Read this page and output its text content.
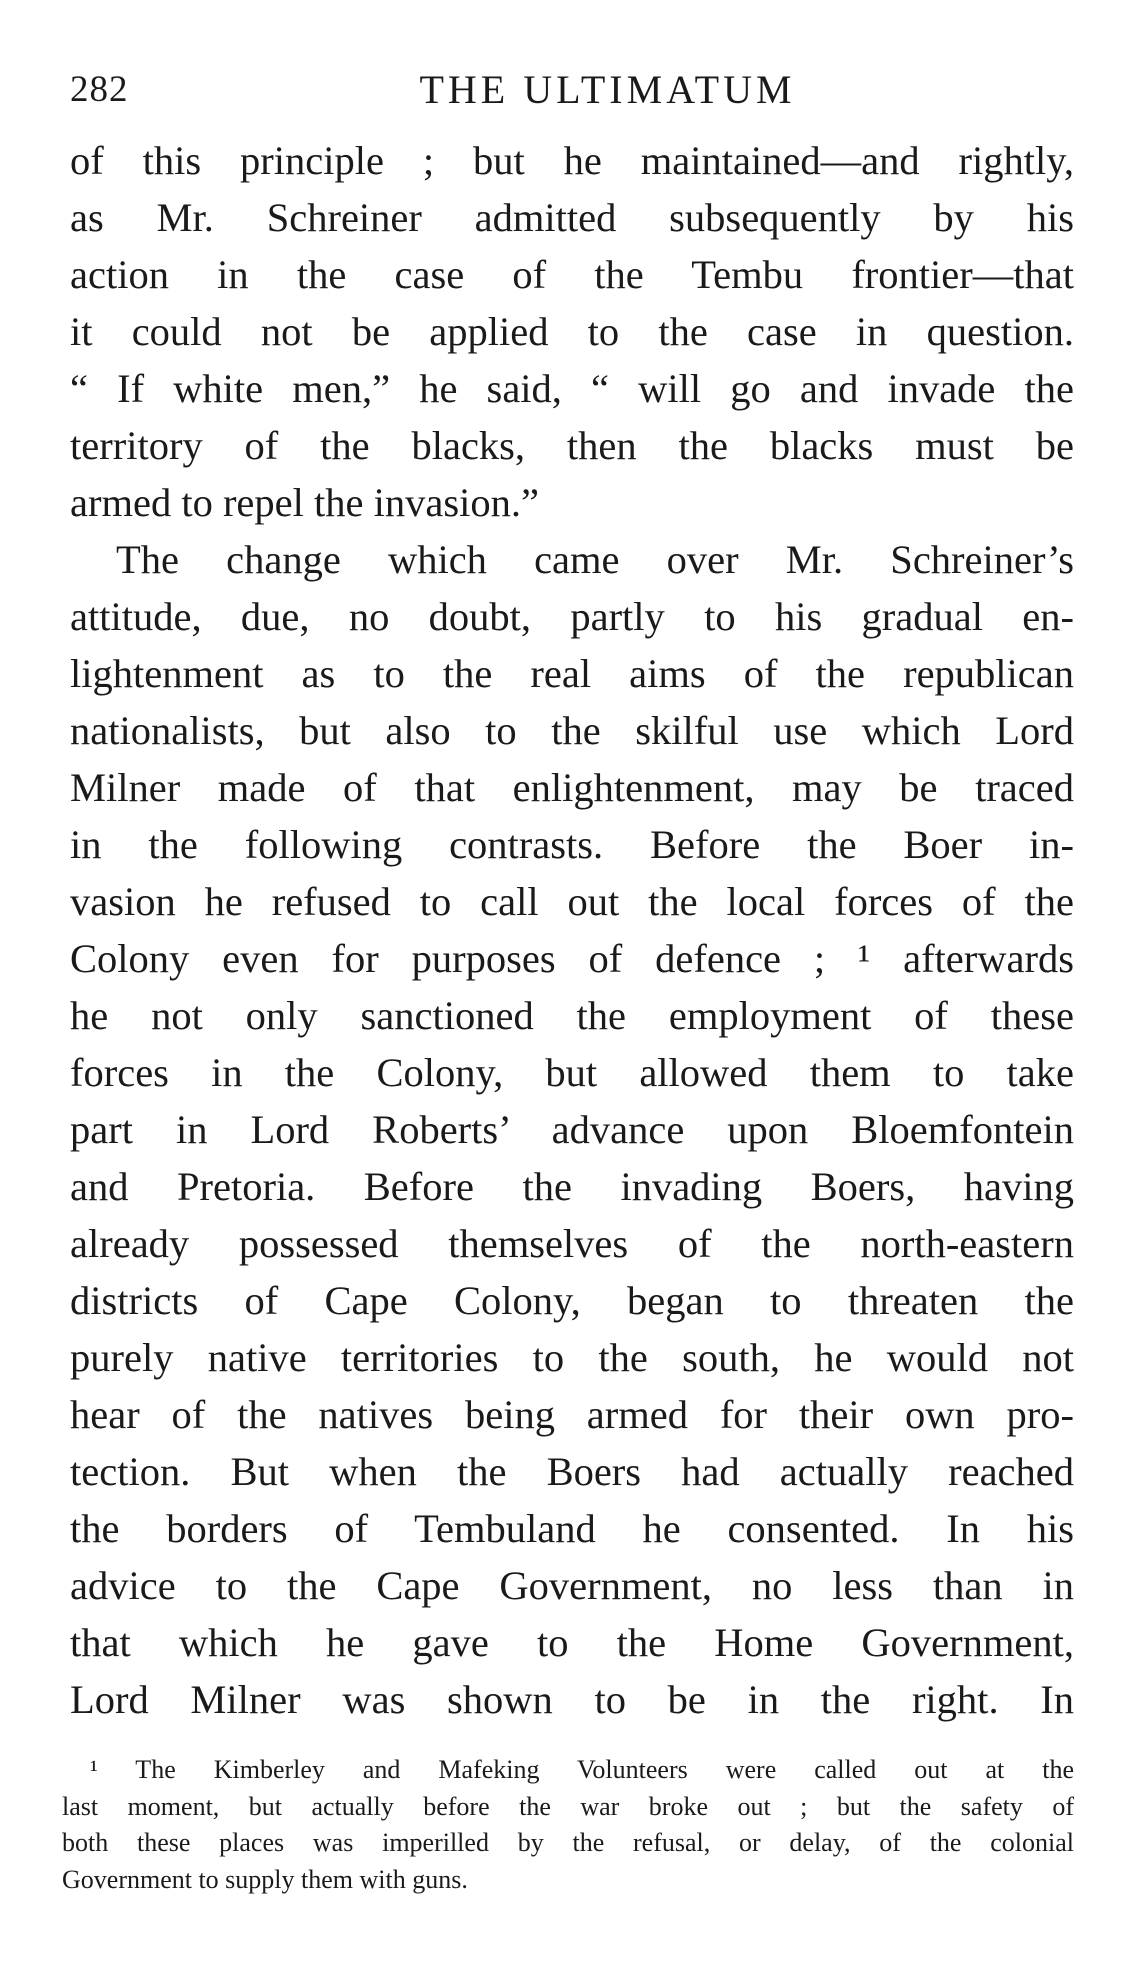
282	THE ULTIMATUM
of this principle ; but he maintained—and rightly,
as Mr. Schreiner admitted subsequently by his
action in the case of the Tembu frontier—that
it could not be applied to the case in question.
“ If white men,” he said, “ will go and invade the
territory of the blacks, then the blacks must be
armed to repel the invasion.”
The change which came over Mr. Schreiner’s
attitude, due, no doubt, partly to his gradual en-
lightenment as to the real aims of the republican
nationalists, but also to the skilful use which Lord
Milner made of that enlightenment, may be traced
in the following contrasts. Before the Boer in-
vasion he refused to call out the local forces of the
Colony even for purposes of defence ; ¹ afterwards
he not only sanctioned the employment of these
forces in the Colony, but allowed them to take
part in Lord Roberts’ advance upon Bloemfontein
and Pretoria. Before the invading Boers, having
already possessed themselves of the north-eastern
districts of Cape Colony, began to threaten the
purely native territories to the south, he would not
hear of the natives being armed for their own pro-
tection. But when the Boers had actually reached
the borders of Tembuland he consented. In his
advice to the Cape Government, no less than in
that which he gave to the Home Government,
Lord Milner was shown to be in the right. In
¹ The Kimberley and Mafeking Volunteers were called out at the
last moment, but actually before the war broke out ; but the safety of
both these places was imperilled by the refusal, or delay, of the colonial
Government to supply them with guns.
